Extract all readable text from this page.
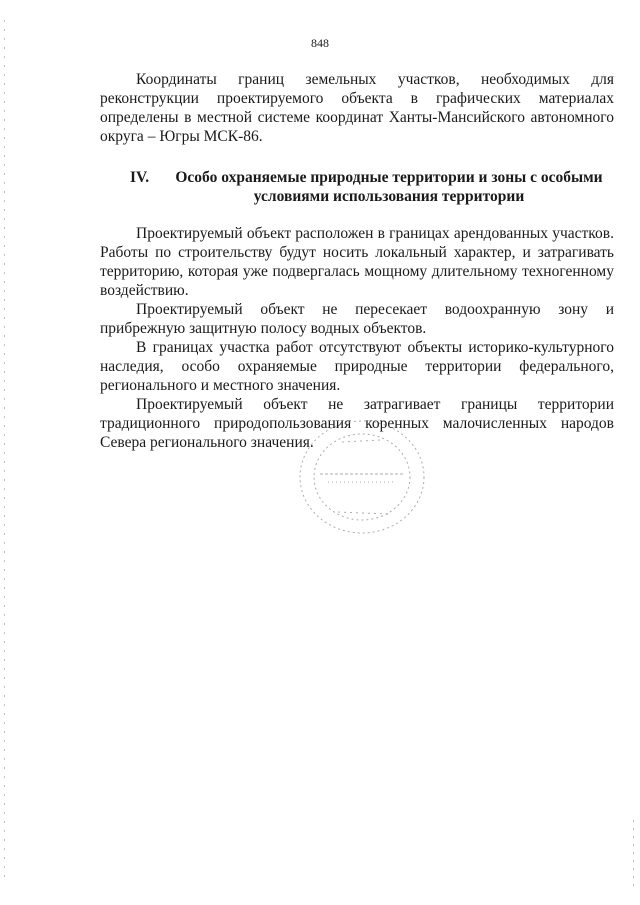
848

Координаты границ земельных участков, необходимых для реконструкции проектируемого объекта в графических материалах определены в местной системе координат Ханты-Мансийского автономного округа – Югры МСК-86.

IV.	Особо охраняемые природные территории и зоны с особыми условиями использования территории

Проектируемый объект расположен в границах арендованных участков. Работы по строительству будут носить локальный характер, и затрагивать территорию, которая уже подвергалась мощному длительному техногенному воздействию.

Проектируемый объект не пересекает водоохранную зону и прибрежную защитную полосу водных объектов.

В границах участка работ отсутствуют объекты историко-культурного наследия, особо охраняемые природные территории федерального, регионального и местного значения.

Проектируемый объект не затрагивает границы территории традиционного природопользования коренных малочисленных народов Севера регионального значения.
